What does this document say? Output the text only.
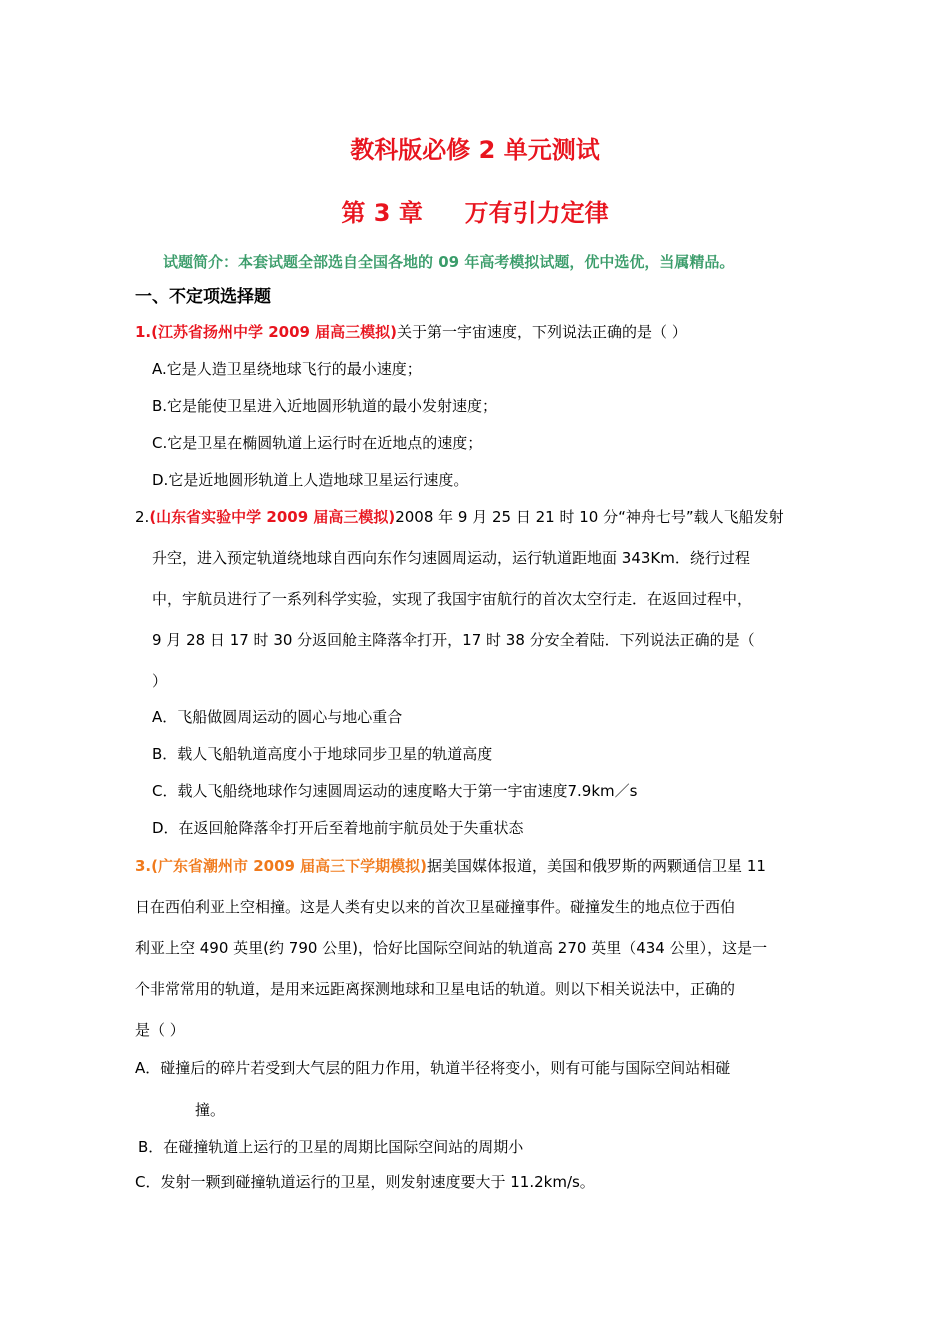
教科版必修 2 单元测试
第 3 章     万有引力定律
试题简介：本套试题全部选自全国各地的 09 年高考模拟试题，优中选优，当属精品。
一、不定项选择题
1.(江苏省扬州中学 2009 届高三模拟)关于第一宇宙速度，下列说法正确的是（ ）
A.它是人造卫星绕地球飞行的最小速度；
B.它是能使卫星进入近地圆形轨道的最小发射速度；
C.它是卫星在椭圆轨道上运行时在近地点的速度；
D.它是近地圆形轨道上人造地球卫星运行速度。
2.(山东省实验中学 2009 届高三模拟)2008 年 9 月 25 日 21 时 10 分“神舟七号”载人飞船发射
升空，进入预定轨道绕地球自西向东作匀速圆周运动，运行轨道距地面 343Km．绕行过程
中，宇航员进行了一系列科学实验，实现了我国宇宙航行的首次太空行走．在返回过程中，
9 月 28 日 17 时 30 分返回舱主降落伞打开，17 时 38 分安全着陆．下列说法正确的是（
）
A．飞船做圆周运动的圆心与地心重合
B．载人飞船轨道高度小于地球同步卫星的轨道高度
C．载人飞船绕地球作匀速圆周运动的速度略大于第一宇宙速度7.9km／s
D．在返回舱降落伞打开后至着地前宇航员处于失重状态
3.(广东省潮州市 2009 届高三下学期模拟)据美国媒体报道，美国和俄罗斯的两颗通信卫星 11
日在西伯利亚上空相撞。这是人类有史以来的首次卫星碰撞事件。碰撞发生的地点位于西伯
利亚上空 490 英里(约 790 公里)，恰好比国际空间站的轨道高 270 英里（434 公里），这是一
个非常常用的轨道，是用来远距离探测地球和卫星电话的轨道。则以下相关说法中，正确的
是（ ）
A．碰撞后的碎片若受到大气层的阻力作用，轨道半径将变小，则有可能与国际空间站相碰
撞。
B．在碰撞轨道上运行的卫星的周期比国际空间站的周期小
C．发射一颗到碰撞轨道运行的卫星，则发射速度要大于 11.2km/s。
